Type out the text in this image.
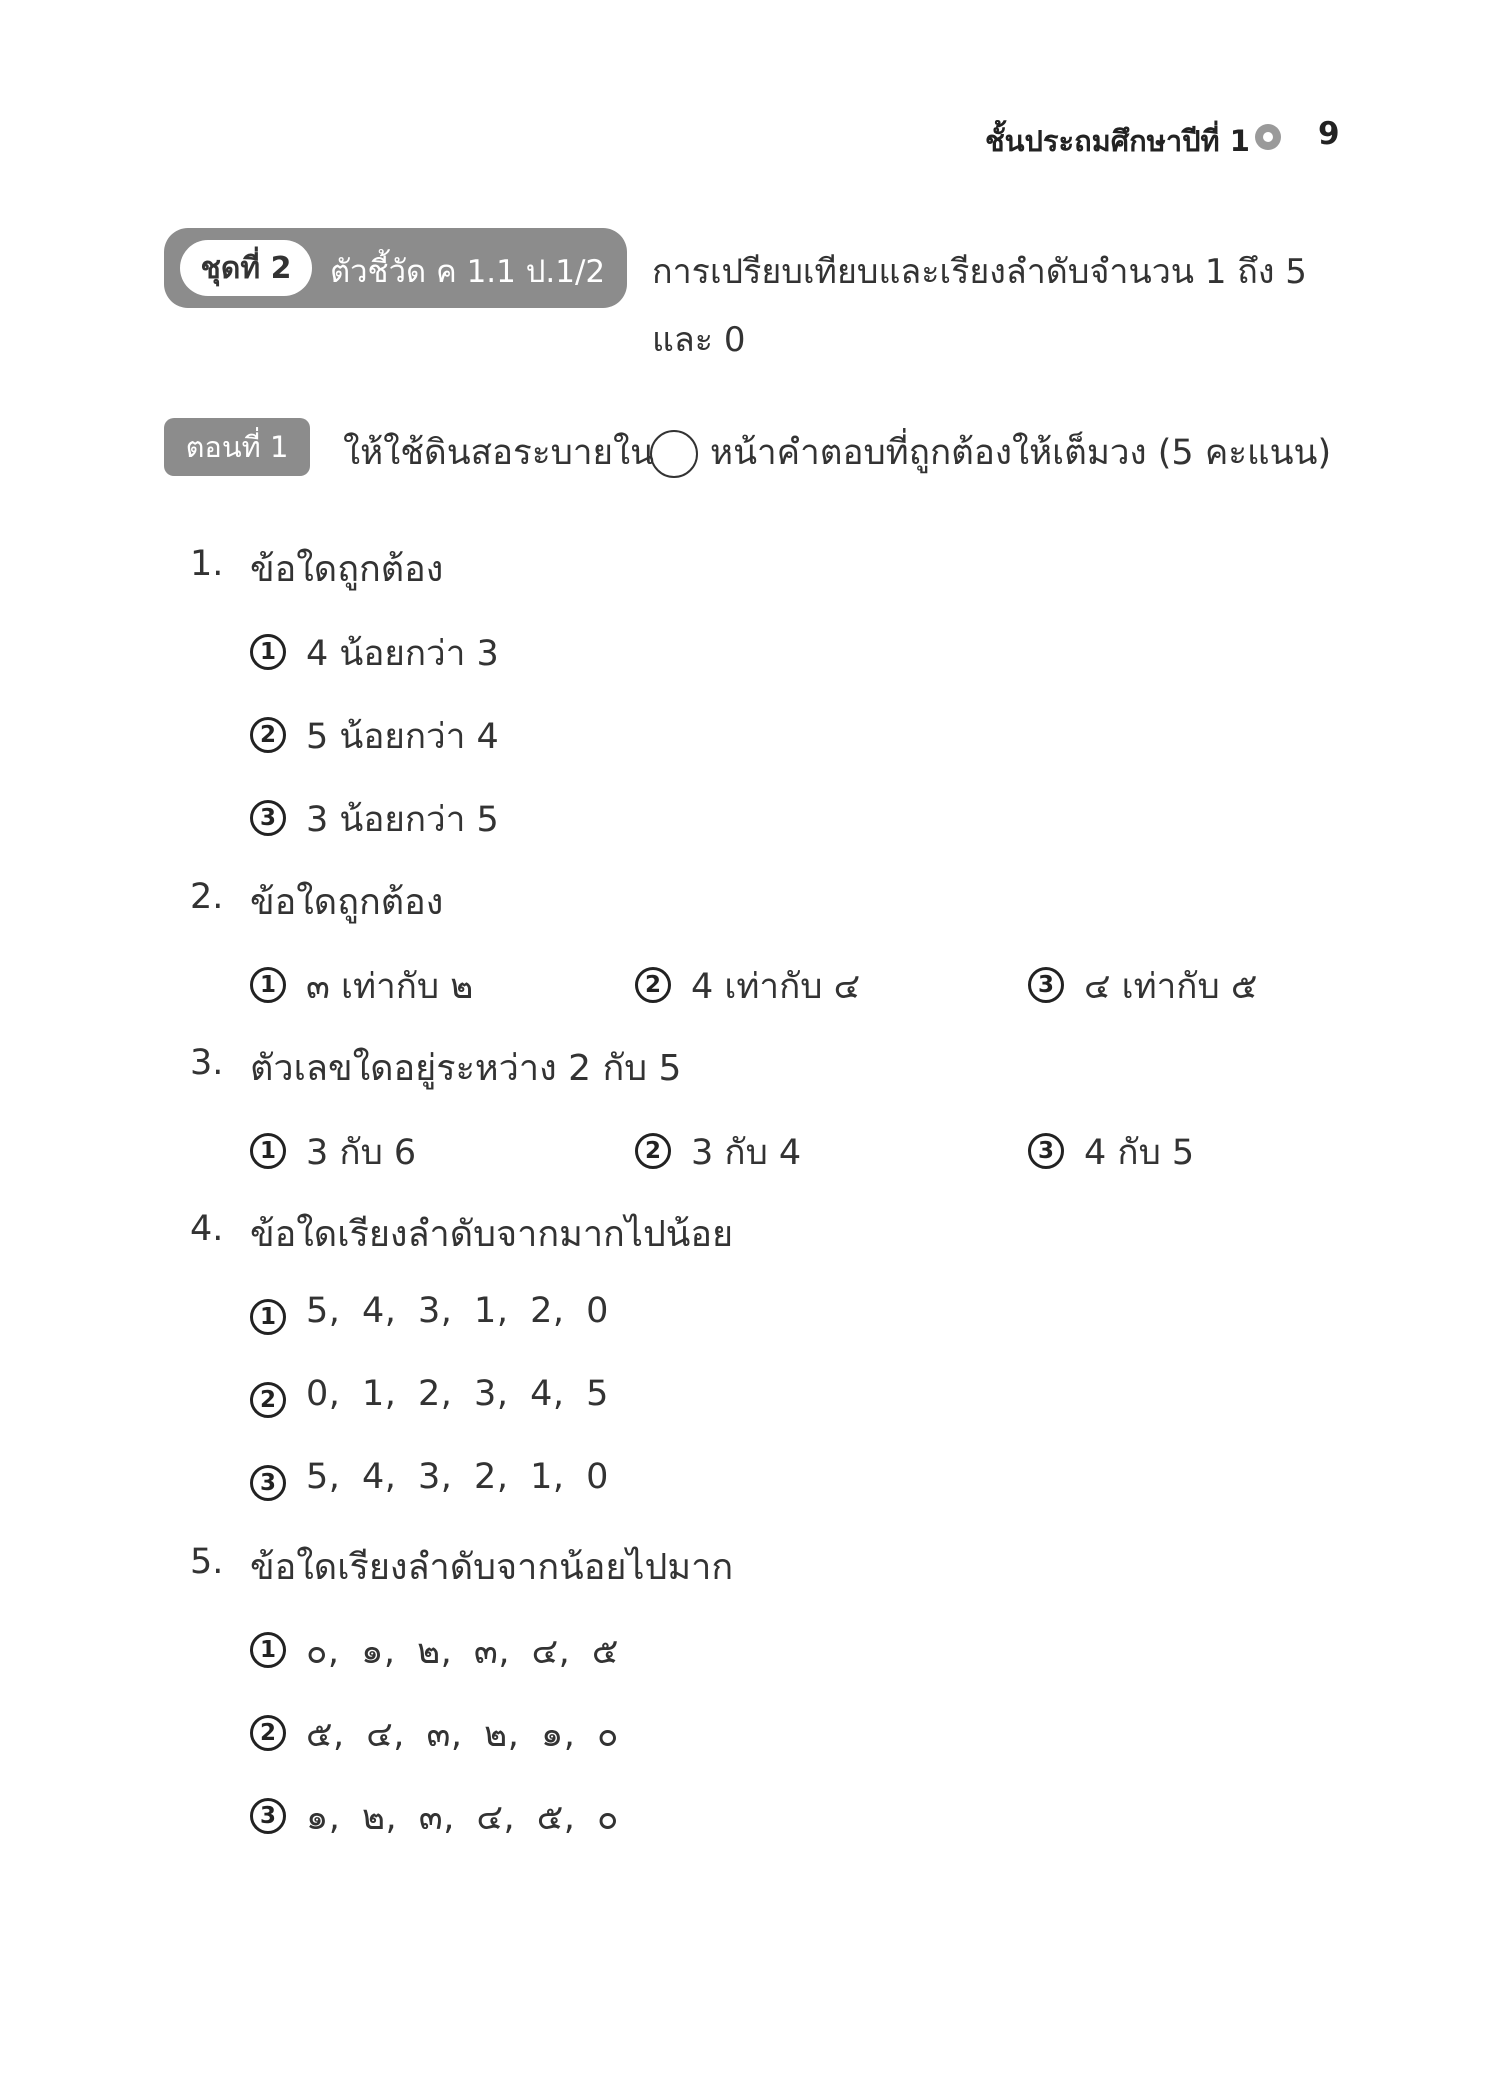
ชั้นประถมศึกษาปีที่ 1 9
ชุดที่ 2	ตัวชี้วัด ค 1.1 ป.1/2 การเปรียบเทียบและเรียงลำดับจำนวน 1 ถึง 5
และ 0
ตอนที่ 1	ให้ใช้ดินสอระบายใน หน้าคำตอบที่ถูกต้องให้เต็มวง (5 คะแนน)
1. ข้อใดถูกต้อง
1 4 น้อยกว่า 3
2 5 น้อยกว่า 4
3 3 น้อยกว่า 5
2. ข้อใดถูกต้อง
1 ๓ เท่ากับ ๒	2 4 เท่ากับ ๔	3 ๔ เท่ากับ ๕
3. ตัวเลขใดอยู่ระหว่าง 2 กับ 5
1 3 กับ 6	2 3 กับ 4	3 4 กับ 5
4. ข้อใดเรียงลำดับจากมากไปน้อย
1 5, 4, 3, 1, 2, 0
2 0, 1, 2, 3, 4, 5
3 5, 4, 3, 2, 1, 0
5. ข้อใดเรียงลำดับจากน้อยไปมาก
1 ๐, ๑, ๒, ๓, ๔, ๕
2 ๕, ๔, ๓, ๒, ๑, ๐
3 ๑, ๒, ๓, ๔, ๕, ๐
